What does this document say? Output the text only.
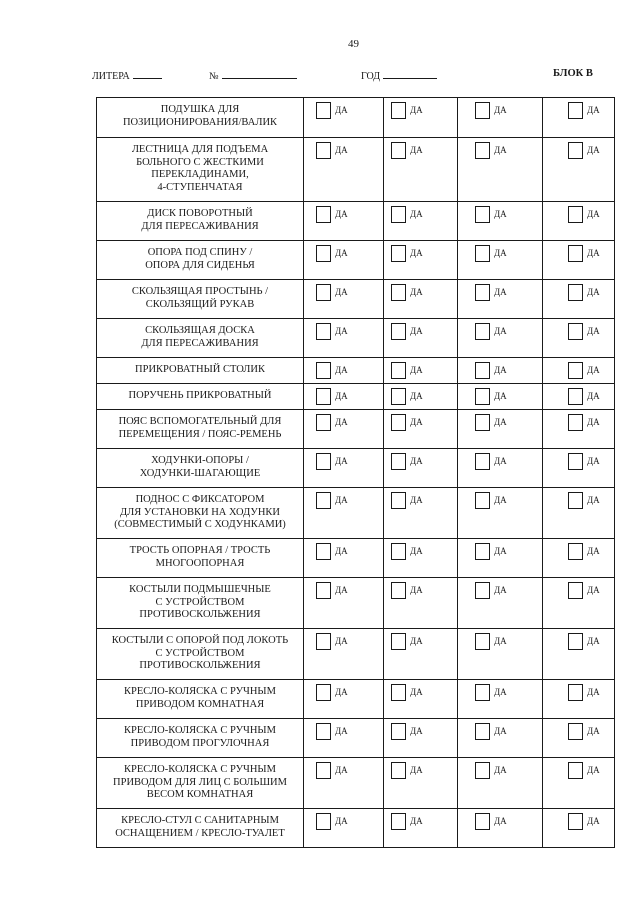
49
ЛИТЕРА	№	ГОД	БЛОК В
ПОДУШКА ДЛЯ
ПОЗИЦИОНИРОВАНИЯ/ВАЛИК
ДА	ДА	ДА	ДА
ЛЕСТНИЦА ДЛЯ ПОДЪЕМА
БОЛЬНОГО С ЖЕСТКИМИ
ПЕРЕКЛАДИНАМИ,
4-СТУПЕНЧАТАЯ
ДА	ДА	ДА	ДА
ДИСК ПОВОРОТНЫЙ
ДЛЯ ПЕРЕСАЖИВАНИЯ
ДА	ДА	ДА	ДА
ОПОРА ПОД СПИНУ /
ОПОРА ДЛЯ СИДЕНЬЯ
ДА	ДА	ДА	ДА
СКОЛЬЗЯЩАЯ ПРОСТЫНЬ /
СКОЛЬЗЯЩИЙ РУКАВ
ДА	ДА	ДА	ДА
СКОЛЬЗЯЩАЯ ДОСКА
ДЛЯ ПЕРЕСАЖИВАНИЯ
ДА	ДА	ДА	ДА
ПРИКРОВАТНЫЙ СТОЛИК	ДА	ДА	ДА	ДА
ПОРУЧЕНЬ ПРИКРОВАТНЫЙ	ДА	ДА	ДА	ДА
ПОЯС ВСПОМОГАТЕЛЬНЫЙ ДЛЯ
ПЕРЕМЕЩЕНИЯ / ПОЯС-РЕМЕНЬ
ДА	ДА	ДА	ДА
ХОДУНКИ-ОПОРЫ /
ХОДУНКИ-ШАГАЮЩИЕ
ДА	ДА	ДА	ДА
ПОДНОС С ФИКСАТОРОМ
ДЛЯ УСТАНОВКИ НА ХОДУНКИ
(СОВМЕСТИМЫЙ С ХОДУНКАМИ)
ДА	ДА	ДА	ДА
ТРОСТЬ ОПОРНАЯ / ТРОСТЬ
МНОГООПОРНАЯ
ДА	ДА	ДА	ДА
КОСТЫЛИ ПОДМЫШЕЧНЫЕ
С УСТРОЙСТВОМ
ПРОТИВОСКОЛЬЖЕНИЯ
ДА	ДА	ДА	ДА
КОСТЫЛИ С ОПОРОЙ ПОД ЛОКОТЬ
С УСТРОЙСТВОМ
ПРОТИВОСКОЛЬЖЕНИЯ
ДА	ДА	ДА	ДА
КРЕСЛО-КОЛЯСКА С РУЧНЫМ
ПРИВОДОМ КОМНАТНАЯ
ДА	ДА	ДА	ДА
КРЕСЛО-КОЛЯСКА С РУЧНЫМ
ПРИВОДОМ ПРОГУЛОЧНАЯ
ДА	ДА	ДА	ДА
КРЕСЛО-КОЛЯСКА С РУЧНЫМ
ПРИВОДОМ ДЛЯ ЛИЦ С БОЛЬШИМ
ВЕСОМ КОМНАТНАЯ
ДА	ДА	ДА	ДА
КРЕСЛО-СТУЛ С САНИТАРНЫМ
ОСНАЩЕНИЕМ / КРЕСЛО-ТУАЛЕТ
ДА	ДА	ДА	ДА
